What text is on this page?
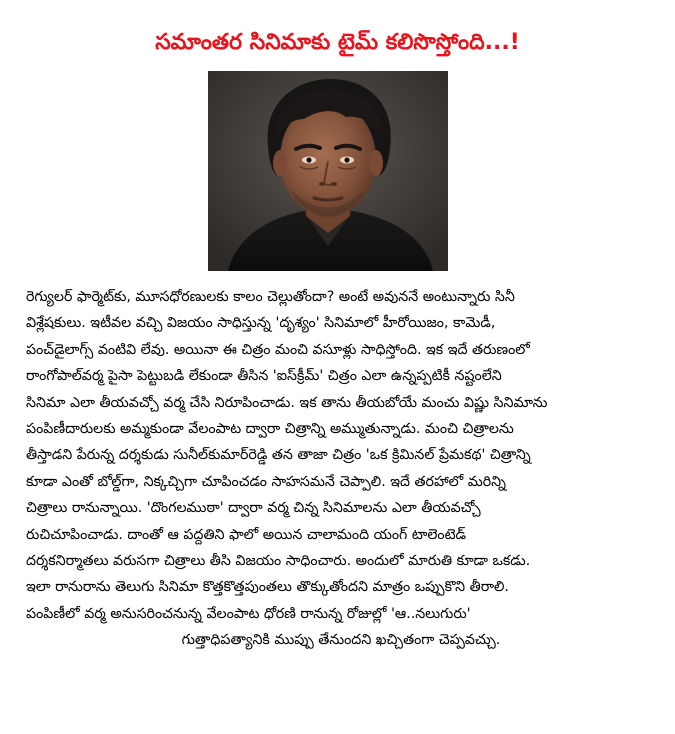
సమాంతర సినిమాకు టైమ్ కలిసొస్తోంది...!

రెగ్యులర్ ఫార్మెట్‌కు, మూసధోరణులకు కాలం చెల్లుతోందా? అంటే అవుననే అంటున్నారు సినీ
విశ్లేషకులు. ఇటీవల వచ్చి విజయం సాధిస్తున్న 'దృశ్యం' సినిమాలో హీరోయిజం, కామెడీ,
పంచ్‌డైలాగ్స్ వంటివి లేవు. అయినా ఈ చిత్రం మంచి వసూళ్లు సాధిస్తోంది. ఇక ఇదే తరుణంలో
రాంగోపాల్‌వర్మ పైసా పెట్టుబడి లేకుండా తీసిన 'ఐస్‌క్రీమ్' చిత్రం ఎలా ఉన్నప్పటికీ నష్టంలేని
సినిమా ఎలా తీయవచ్చో వర్మ చేసి నిరూపించాడు. ఇక తాను తీయబోయే మంచు విష్ణు సినిమాను
పంపిణీదారులకు అమ్మకుండా వేలంపాట ద్వారా చిత్రాన్ని అమ్ముతున్నాడు. మంచి చిత్రాలను
తీస్తాడని పేరున్న దర్శకుడు సునీల్‌కుమార్‌రెడ్డి తన తాజా చిత్రం 'ఒక క్రిమినల్ ప్రేమకథ' చిత్రాన్ని
కూడా ఎంతో బోల్డ్‌గా, నిక్కచ్చిగా చూపించడం సాహసమనే చెప్పాలి. ఇదే తరహాలో మరిన్ని
చిత్రాలు రానున్నాయి. 'దొంగలముఠా' ద్వారా వర్మ చిన్న సినిమాలను ఎలా తీయవచ్చో
రుచిచూపించాడు. దాంతో ఆ పద్దతిని ఫాలో అయిన చాలామంది యంగ్ టాలెంటెడ్
దర్శకనిర్మాతలు వరుసగా చిత్రాలు తీసి విజయం సాధించారు. అందులో మారుతి కూడా ఒకడు.
ఇలా రానురాను తెలుగు సినిమా కొత్తకొత్తపుంతలు తొక్కుతోందని మాత్రం ఒప్పుకొని తీరాలి.
పంపిణీలో వర్మ అనుసరించనున్న వేలంపాట ధోరణి రానున్న రోజుల్లో 'ఆ..నలుగురు'
గుత్తాధిపత్యానికి ముప్పు తేనుందని ఖచ్చితంగా చెప్పవచ్చు.
